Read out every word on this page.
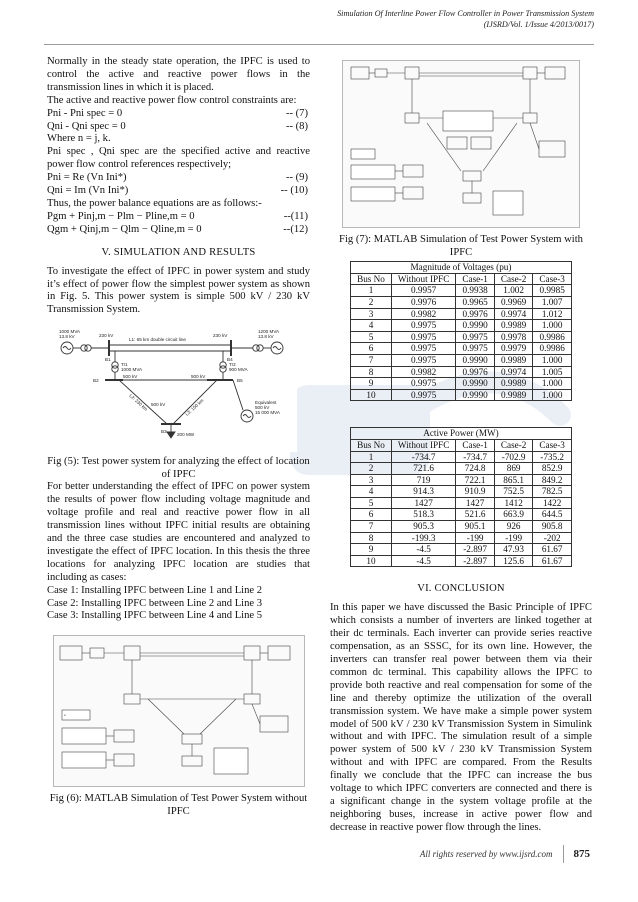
Simulation Of Interline Power Flow Controller in Power Transmission System
(IJSRD/Vol. 1/Issue 4/2013/0017)

Normally in the steady state operation, the IPFC is used to control the active and reactive power flows in the transmission lines in which it is placed.

The active and reactive power flow control constraints are:

Pni - Pni spec = 0	-- (7)
Qni - Qni spec = 0	-- (8)

Where n = j, k.

Pni spec , Qni spec are the specified active and reactive power flow control references respectively;

Pni = Re (Vn Ini*)	-- (9)
Qni = Im (Vn Ini*)	-- (10)

Thus, the power balance equations are as follows:-

Pgm + Pinj,m − Plm − Pline,m = 0	--(11)
Qgm + Qinj,m − Qlm − Qline,m = 0	--(12)
V. SIMULATION AND RESULTS

To investigate the effect of IPFC in power system and study it’s effect of power flow the simplest power system as shown in Fig. 5. This power system is simple 500 kV / 230 kV Transmission System.

1000 MVA
13.8 kV
1200 MVA
13.8 kV
230 kV	230 kV
L1: 65 km double circuit line
B1	B4
Tr1
1000 MVA
Tr2
900 MVA
B2
500 kV	500 kV
B5
500 kV
L2: 230 km	L3: 150 km
B3
200 MW
Equivalent
500 kV
15 000 MVA
Fig (5): Test power system for analyzing the effect of location of IPFC

For better understanding the effect of IPFC on power system the results of power flow including voltage magnitude and voltage profile and real and reactive power flow in all transmission lines without IPFC initial results are obtaining and the three case studies are encountered and analyzed to investigate the effect of IPFC location. In this thesis the three locations for analyzing IPFC location are studies that including as cases:

Case 1: Installing IPFC between Line 1 and Line 2

Case 2: Installing IPFC between Line 2 and Line 3

Case 3: Installing IPFC between Line 4 and Line 5

●
Fig (6): MATLAB Simulation of Test Power System without IPFC
Fig (7): MATLAB Simulation of Test Power System with IPFC
Magnitude of Voltages (pu)				
Bus No	Without IPFC	Case-1	Case-2	Case-3
1	0.9957	0.9938	1.002	0.9985
2	0.9976	0.9965	0.9969	1.007
3	0.9982	0.9976	0.9974	1.012
4	0.9975	0.9990	0.9989	1.000
5	0.9975	0.9975	0.9978	0.9986
6	0.9975	0.9975	0.9979	0.9986
7	0.9975	0.9990	0.9989	1.000
8	0.9982	0.9976	0.9974	1.005
9	0.9975	0.9990	0.9989	1.000
10	0.9975	0.9990	0.9989	1.000
Active Power (MW)				
Bus No	Without IPFC	Case-1	Case-2	Case-3
1	-734.7	-734.7	-702.9	-735.2
2	721.6	724.8	869	852.9
3	719	722.1	865.1	849.2
4	914.3	910.9	752.5	782.5
5	1427	1427	1412	1422
6	518.3	521.6	663.9	644.5
7	905.3	905.1	926	905.8
8	-199.3	-199	-199	-202
9	-4.5	-2.897	47.93	61.67
10	-4.5	-2.897	125.6	61.67
VI. CONCLUSION

In this paper we have discussed the Basic Principle of IPFC which consists a number of inverters are linked together at their dc terminals. Each inverter can provide series reactive compensation, as an SSSC, for its own line. However, the inverters can transfer real power between them via their common dc terminal. This capability allows the IPFC to provide both reactive and real compensation for some of the line and thereby optimize the utilization of the overall transmission system. We have make a simple power system model of 500 kV / 230 kV Transmission System in Simulink without and with IPFC. The simulation result of a simple power system of 500 kV / 230 kV Transmission System without and with IPFC are compared. From the Results finally we conclude that the IPFC can increase the bus voltage to which IPFC converters are connected and there is a significant change in the system voltage profile at the neighboring buses, increase in active power flow and decrease in reactive power flow through the lines.

All rights reserved by www.ijsrd.com	875
